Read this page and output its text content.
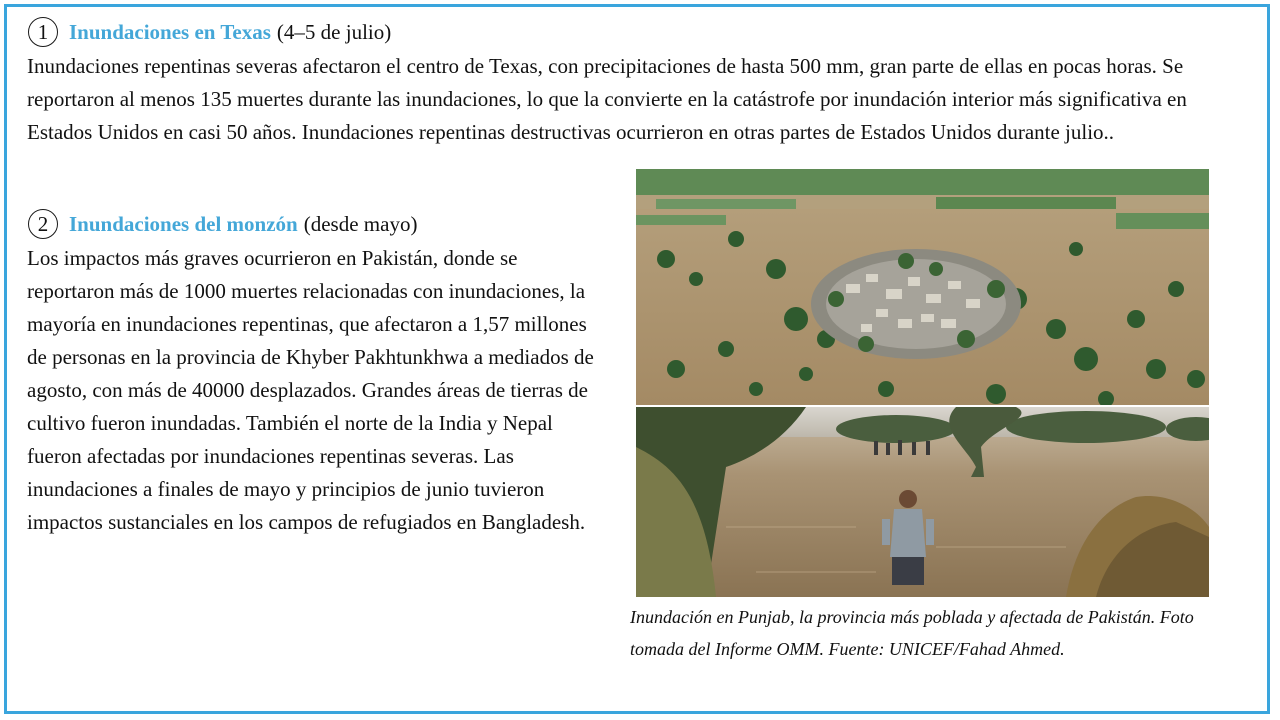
1 Inundaciones en Texas (4–5 de julio)

Inundaciones repentinas severas afectaron el centro de Texas, con precipitaciones de hasta 500 mm, gran parte de ellas en pocas horas. Se reportaron al menos 135 muertes durante las inundaciones, lo que la convierte en la catástrofe por inundación interior más significativa en Estados Unidos en casi 50 años. Inundaciones repentinas destructivas ocurrieron en otras partes de Estados Unidos durante julio..

2 Inundaciones del monzón (desde mayo)

Los impactos más graves ocurrieron en Pakistán, donde se reportaron más de 1000 muertes relacionadas con inundaciones, la mayoría en inundaciones repentinas, que afectaron a 1,57 millones de personas en la provincia de Khyber Pakhtunkhwa a mediados de agosto, con más de 40000 desplazados. Grandes áreas de tierras de cultivo fueron inundadas. También el norte de la India y Nepal fueron afectadas por inundaciones repentinas severas. Las inundaciones a finales de mayo y principios de junio tuvieron impactos sustanciales en los campos de refugiados en Bangladesh.

Inundación en Punjab, la provincia más poblada y afectada de Pakistán. Foto tomada del Informe OMM. Fuente: UNICEF/Fahad Ahmed.
